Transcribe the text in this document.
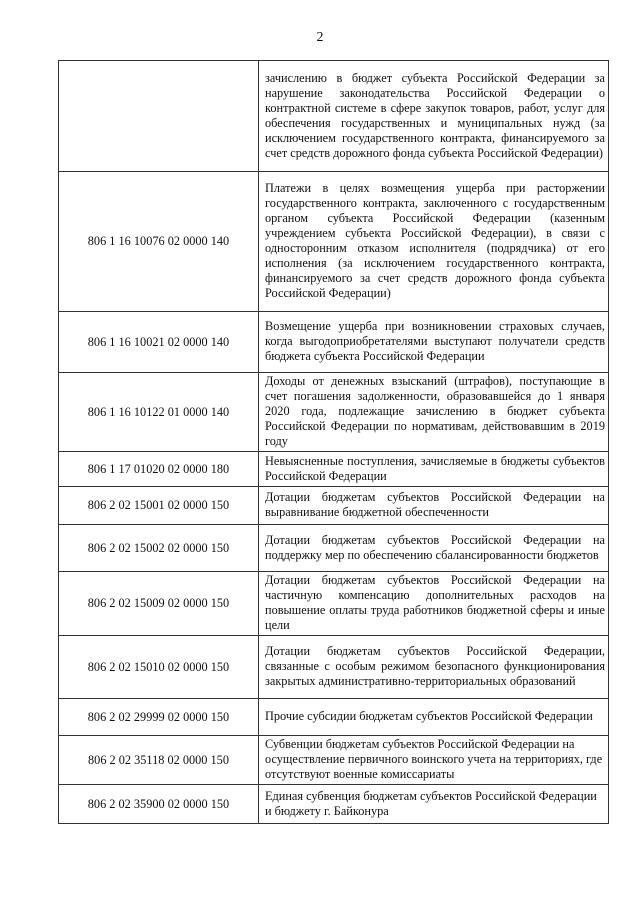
2
	зачислению в бюджет субъекта Российской Федерации за нарушение законодательства Российской Федерации о контрактной системе в сфере закупок товаров, работ, услуг для обеспечения государственных и муниципальных нужд (за исключением государственного контракта, финансируемого за счет средств дорожного фонда субъекта Российской Федерации)
806 1 16 10076 02 0000 140	Платежи в целях возмещения ущерба при расторжении государственного контракта, заключенного с государственным органом субъекта Российской Федерации (казенным учреждением субъекта Российской Федерации), в связи с односторонним отказом исполнителя (подрядчика) от его исполнения (за исключением государственного контракта, финансируемого за счет средств дорожного фонда субъекта Российской Федерации)
806 1 16 10021 02 0000 140	Возмещение ущерба при возникновении страховых случаев, когда выгодоприобретателями выступают получатели средств бюджета субъекта Российской Федерации
806 1 16 10122 01 0000 140	Доходы от денежных взысканий (штрафов), поступающие в счет погашения задолженности, образовавшейся до 1 января 2020 года, подлежащие зачислению в бюджет субъекта Российской Федерации по нормативам, действовавшим в 2019 году
806 1 17 01020 02 0000 180	Невыясненные поступления, зачисляемые в бюджеты субъектов Российской Федерации
806 2 02 15001 02 0000 150	Дотации бюджетам субъектов Российской Федерации на выравнивание бюджетной обеспеченности
806 2 02 15002 02 0000 150	Дотации бюджетам субъектов Российской Федерации на поддержку мер по обеспечению сбалансированности бюджетов
806 2 02 15009 02 0000 150	Дотации бюджетам субъектов Российской Федерации на частичную компенсацию дополнительных расходов на повышение оплаты труда работников бюджетной сферы и иные цели
806 2 02 15010 02 0000 150	Дотации бюджетам субъектов Российской Федерации, связанные с особым режимом безопасного функционирования закрытых административно-территориальных образований
806 2 02 29999 02 0000 150	Прочие субсидии бюджетам субъектов Российской Федерации
806 2 02 35118 02 0000 150	Субвенции бюджетам субъектов Российской Федерации на осуществление первичного воинского учета на территориях, где отсутствуют военные комиссариаты
806 2 02 35900 02 0000 150	Единая субвенция бюджетам субъектов Российской Федерации и бюджету г. Байконура
